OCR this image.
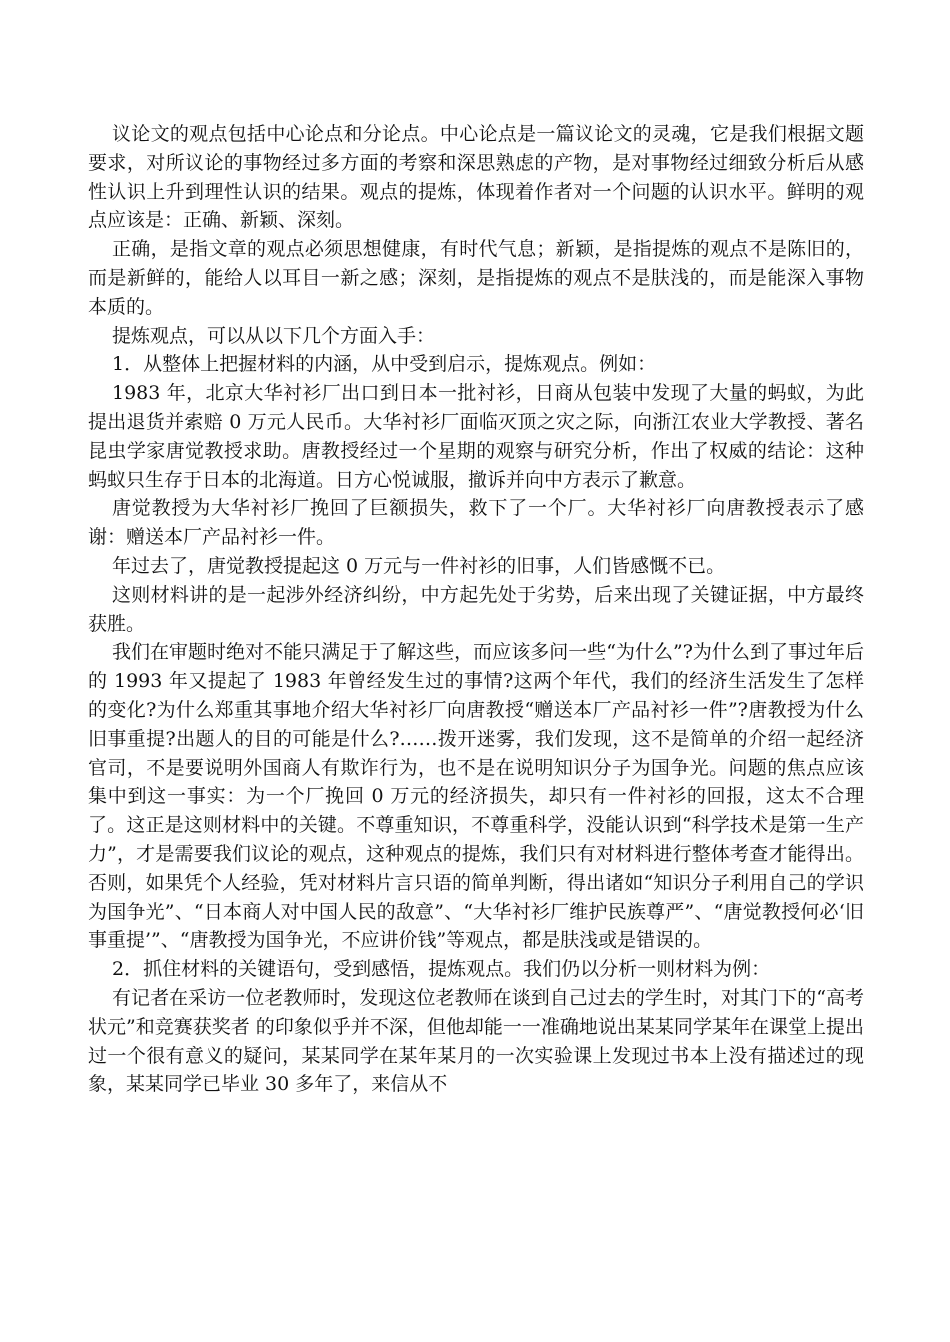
议论文的观点包括中心论点和分论点。中心论点是一篇议论文的灵魂，它是我们根据文题要求，对所议论的事物经过多方面的考察和深思熟虑的产物，是对事物经过细致分析后从感性认识上升到理性认识的结果。观点的提炼，体现着作者对一个问题的认识水平。鲜明的观点应该是：正确、新颖、深刻。

正确，是指文章的观点必须思想健康，有时代气息；新颖，是指提炼的观点不是陈旧的，而是新鲜的，能给人以耳目一新之感；深刻，是指提炼的观点不是肤浅的，而是能深入事物本质的。

提炼观点，可以从以下几个方面入手：

1．从整体上把握材料的内涵，从中受到启示，提炼观点。例如：

1983 年，北京大华衬衫厂出口到日本一批衬衫，日商从包装中发现了大量的蚂蚁，为此提出退货并索赔 0 万元人民币。大华衬衫厂面临灭顶之灾之际，向浙江农业大学教授、著名昆虫学家唐觉教授求助。唐教授经过一个星期的观察与研究分析，作出了权威的结论：这种蚂蚁只生存于日本的北海道。日方心悦诚服，撤诉并向中方表示了歉意。

唐觉教授为大华衬衫厂挽回了巨额损失，救下了一个厂。大华衬衫厂向唐教授表示了感谢：赠送本厂产品衬衫一件。

年过去了，唐觉教授提起这 0 万元与一件衬衫的旧事，人们皆感慨不已。

这则材料讲的是一起涉外经济纠纷，中方起先处于劣势，后来出现了关键证据，中方最终获胜。

我们在审题时绝对不能只满足于了解这些，而应该多问一些“为什么”?为什么到了事过年后的 1993 年又提起了 1983 年曾经发生过的事情?这两个年代，我们的经济生活发生了怎样的变化?为什么郑重其事地介绍大华衬衫厂向唐教授“赠送本厂产品衬衫一件”?唐教授为什么旧事重提?出题人的目的可能是什么?……拨开迷雾，我们发现，这不是简单的介绍一起经济官司，不是要说明外国商人有欺诈行为，也不是在说明知识分子为国争光。问题的焦点应该集中到这一事实：为一个厂挽回 0 万元的经济损失，却只有一件衬衫的回报，这太不合理了。这正是这则材料中的关键。不尊重知识，不尊重科学，没能认识到“科学技术是第一生产力”，才是需要我们议论的观点，这种观点的提炼，我们只有对材料进行整体考查才能得出。否则，如果凭个人经验，凭对材料片言只语的简单判断，得出诸如“知识分子利用自己的学识为国争光”、“日本商人对中国人民的敌意”、“大华衬衫厂维护民族尊严”、“唐觉教授何必‘旧事重提’”、“唐教授为国争光，不应讲价钱”等观点，都是肤浅或是错误的。

2．抓住材料的关键语句，受到感悟，提炼观点。我们仍以分析一则材料为例：

有记者在采访一位老教师时，发现这位老教师在谈到自己过去的学生时，对其门下的“高考状元”和竞赛获奖者 的印象似乎并不深，但他却能一一准确地说出某某同学某年在课堂上提出过一个很有意义的疑问，某某同学在某年某月的一次实验课上发现过书本上没有描述过的现象，某某同学已毕业 30 多年了，来信从不
